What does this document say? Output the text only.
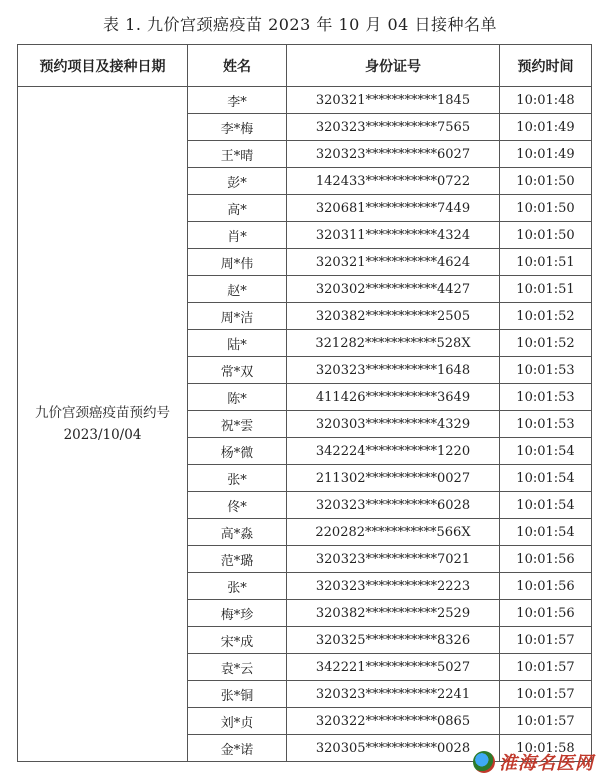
表 1. 九价宫颈癌疫苗 2023 年 10 月 04 日接种名单
预约项目及接种日期	姓名	身份证号	预约时间

九价宫颈癌疫苗预约号
2023/10/04	李*	320321***********1845	10:01:48
	李*梅	320323***********7565	10:01:49
	王*晴	320323***********6027	10:01:49
	彭*	142433***********0722	10:01:50
	高*	320681***********7449	10:01:50
	肖*	320311***********4324	10:01:50
	周*伟	320321***********4624	10:01:51
	赵*	320302***********4427	10:01:51
	周*洁	320382***********2505	10:01:52
	陆*	321282***********528X	10:01:52
	常*双	320323***********1648	10:01:53
	陈*	411426***********3649	10:01:53
	祝*雲	320303***********4329	10:01:53
	杨*微	342224***********1220	10:01:54
	张*	211302***********0027	10:01:54
	佟*	320323***********6028	10:01:54
	高*淼	220282***********566X	10:01:54
	范*璐	320323***********7021	10:01:56
	张*	320323***********2223	10:01:56
	梅*珍	320382***********2529	10:01:56
	宋*成	320325***********8326	10:01:57
	袁*云	342221***********5027	10:01:57
	张*铜	320323***********2241	10:01:57
	刘*贞	320322***********0865	10:01:57
	金*诺	320305***********0028	10:01:58
淮海名医网
